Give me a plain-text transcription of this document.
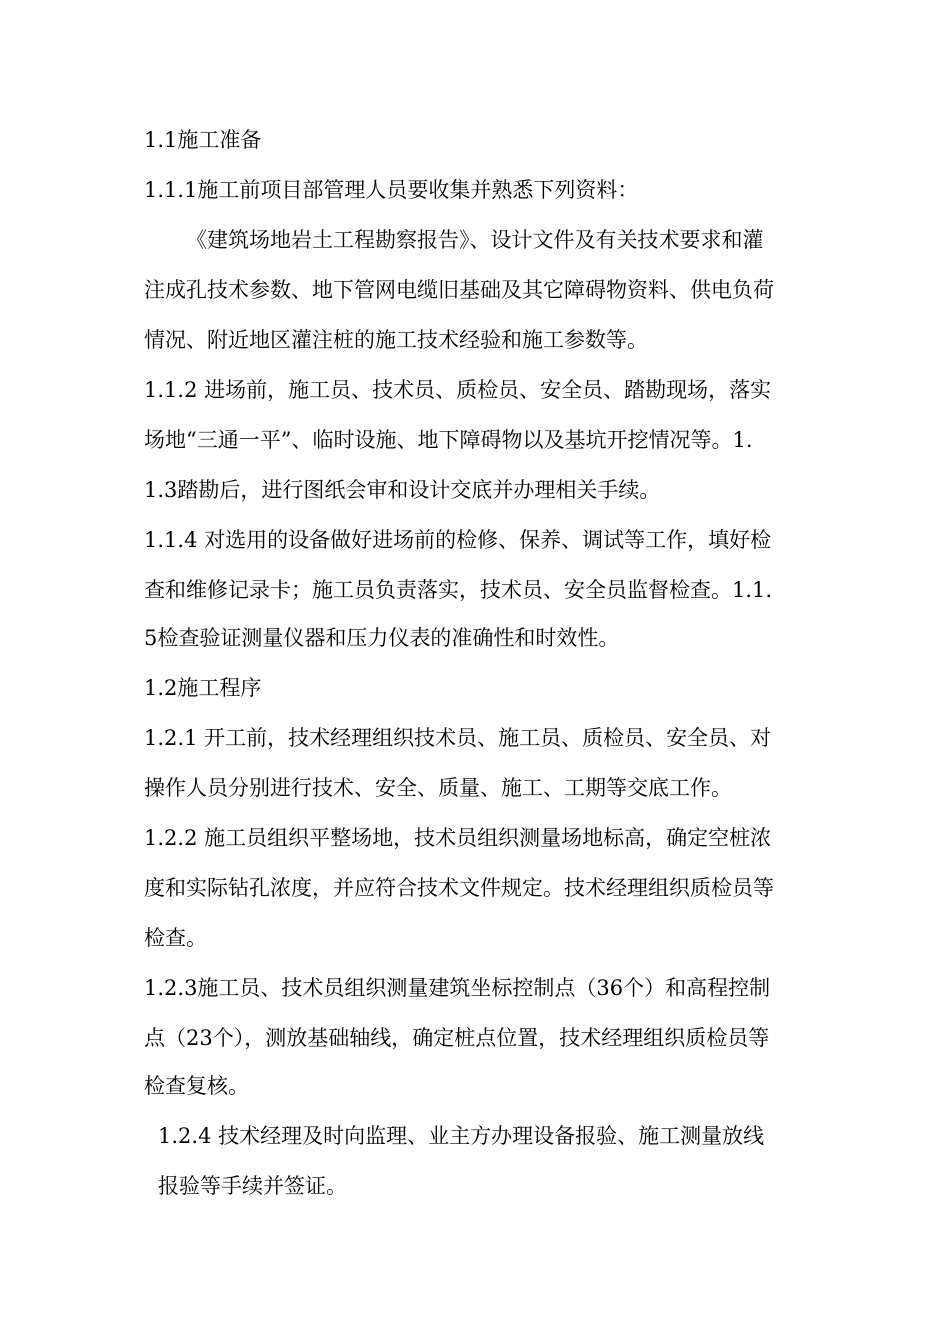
1.1施工准备
1.1.1施工前项目部管理人员要收集并熟悉下列资料：
《建筑场地岩土工程勘察报告》、设计文件及有关技术要求和灌
注成孔技术参数、地下管网电缆旧基础及其它障碍物资料、供电负荷
情况、附近地区灌注桩的施工技术经验和施工参数等。
1.1.2 进场前，施工员、技术员、质检员、安全员、踏勘现场，落实
场地“三通一平”、临时设施、地下障碍物以及基坑开挖情况等。1.
1.3踏勘后，进行图纸会审和设计交底并办理相关手续。
1.1.4 对选用的设备做好进场前的检修、保养、调试等工作，填好检
查和维修记录卡；施工员负责落实，技术员、安全员监督检查。1.1.
5检查验证测量仪器和压力仪表的准确性和时效性。
1.2施工程序
1.2.1 开工前，技术经理组织技术员、施工员、质检员、安全员、对
操作人员分别进行技术、安全、质量、施工、工期等交底工作。
1.2.2 施工员组织平整场地，技术员组织测量场地标高，确定空桩浓
度和实际钻孔浓度，并应符合技术文件规定。技术经理组织质检员等
检查。
1.2.3施工员、技术员组织测量建筑坐标控制点（36个）和高程控制
点（23个），测放基础轴线，确定桩点位置，技术经理组织质检员等
检查复核。
1.2.4 技术经理及时向监理、业主方办理设备报验、施工测量放线
报验等手续并签证。
